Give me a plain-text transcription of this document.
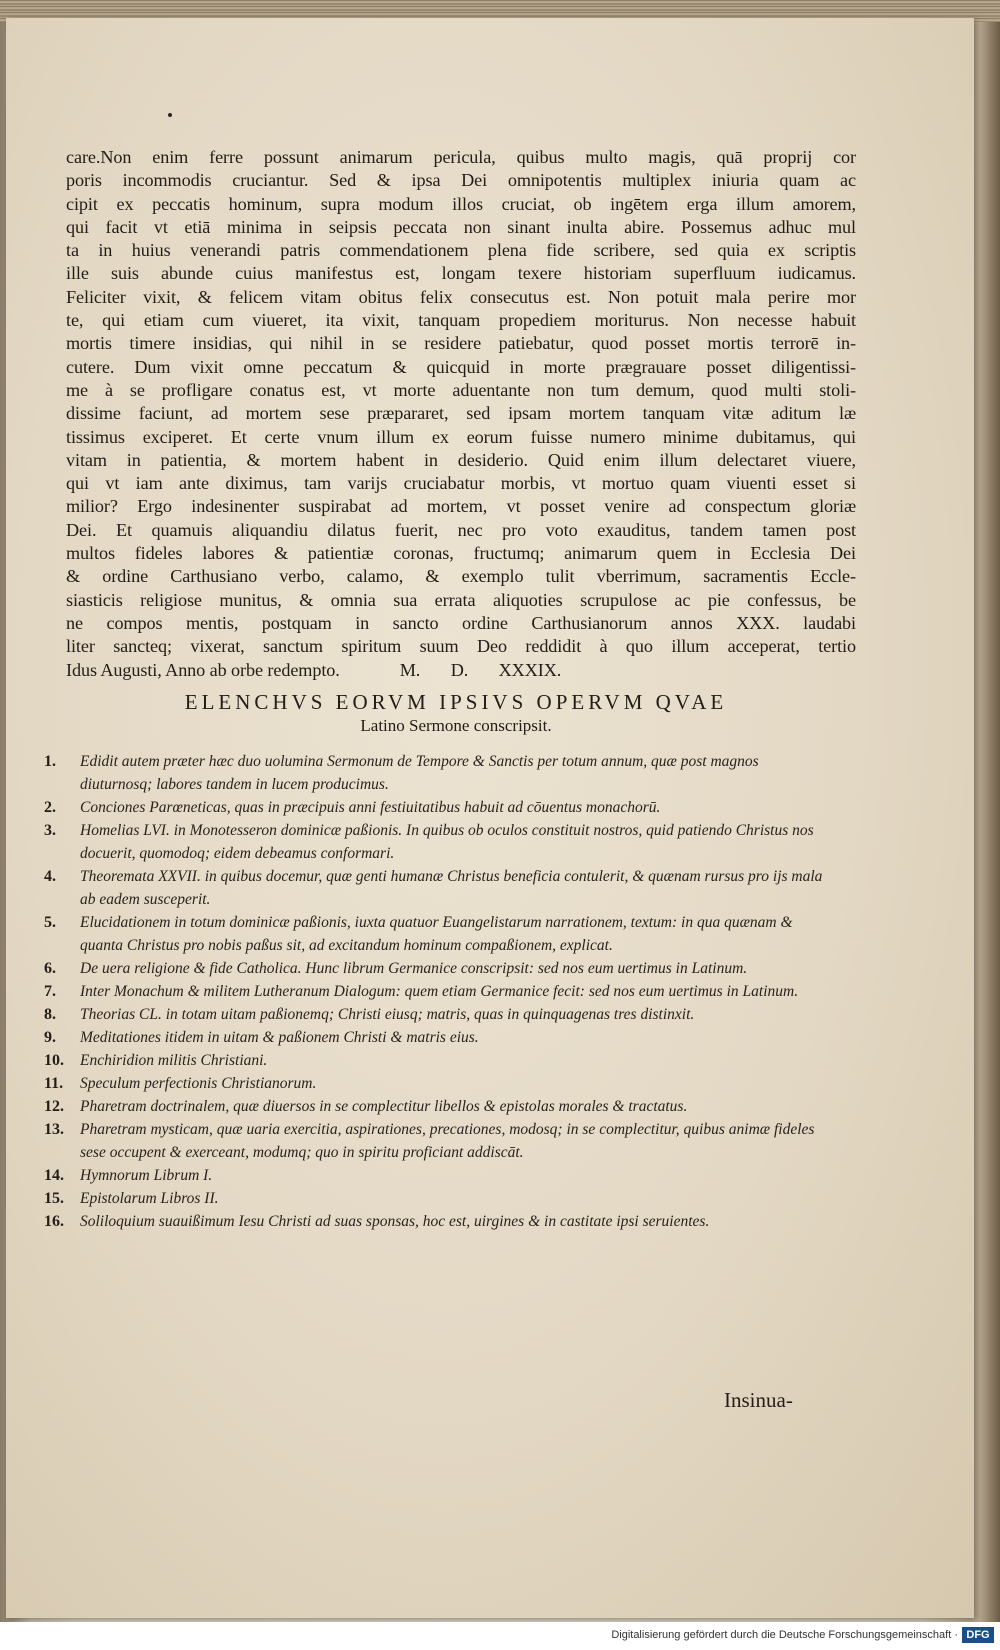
care.Non enim ferre possunt animarum pericula, quibus multo magis, quā proprij cor
poris incommodis cruciantur. Sed & ipsa Dei omnipotentis multiplex iniuria quam ac
cipit ex peccatis hominum, supra modum illos cruciat, ob ingētem erga illum amorem,
qui facit vt etiā minima in seipsis peccata non sinant inulta abire. Possemus adhuc mul
ta in huius venerandi patris commendationem plena fide scribere, sed quia ex scriptis
ille suis abunde cuius manifestus est, longam texere historiam superfluum iudicamus.
Feliciter vixit, & felicem vitam obitus felix consecutus est. Non potuit mala perire mor
te, qui etiam cum viueret, ita vixit, tanquam propediem moriturus. Non necesse habuit
mortis timere insidias, qui nihil in se residere patiebatur, quod posset mortis terrorē in-
cutere. Dum vixit omne peccatum & quicquid in morte prægrauare posset diligentissi-
me à se profligare conatus est, vt morte aduentante non tum demum, quod multi stoli-
dissime faciunt, ad mortem sese præpararet, sed ipsam mortem tanquam vitæ aditum læ
tissimus exciperet. Et certe vnum illum ex eorum fuisse numero minime dubitamus, qui
vitam in patientia, & mortem habent in desiderio. Quid enim illum delectaret viuere,
qui vt iam ante diximus, tam varijs cruciabatur morbis, vt mortuo quam viuenti esset si
milior? Ergo indesinenter suspirabat ad mortem, vt posset venire ad conspectum gloriæ
Dei. Et quamuis aliquandiu dilatus fuerit, nec pro voto exauditus, tandem tamen post
multos fideles labores & patientiæ coronas, fructumq; animarum quem in Ecclesia Dei
& ordine Carthusiano verbo, calamo, & exemplo tulit vberrimum, sacramentis Eccle-
siasticis religiose munitus, & omnia sua errata aliquoties scrupulose ac pie confessus, be
ne compos mentis, postquam in sancto ordine Carthusianorum annos XXX. laudabi
liter sancteq; vixerat, sanctum spiritum suum Deo reddidit à quo illum acceperat, tertio
Idus Augusti, Anno ab orbe redempto.	M. D. XXXIX.
ELENCHVS EORVM IPSIVS OPERVM QVAE
Latino Sermone conscripsit.
1.	Edidit autem præter hæc duo uolumina Sermonum de Tempore & Sanctis per totum annum, quæ post magnos diuturnosq; labores tandem in lucem producimus.
2.	Conciones Parœneticas, quas in præcipuis anni festiuitatibus habuit ad cōuentus monachorū.
3.	Homelias LVI. in Monotesseron dominicæ paßionis. In quibus ob oculos constituit nostros, quid patiendo Christus nos docuerit, quomodoq; eidem debeamus conformari.
4.	Theoremata XXVII. in quibus docemur, quæ genti humanæ Christus beneficia contulerit, & quænam rursus pro ijs mala ab eadem susceperit.
5.	Elucidationem in totum dominicæ paßionis, iuxta quatuor Euangelistarum narrationem, textum: in qua quænam & quanta Christus pro nobis paßus sit, ad excitandum hominum compaßionem, explicat.
6.	De uera religione & fide Catholica. Hunc librum Germanice conscripsit: sed nos eum uertimus in Latinum.
7.	Inter Monachum & militem Lutheranum Dialogum: quem etiam Germanice fecit: sed nos eum uertimus in Latinum.
8.	Theorias CL. in totam uitam paßionemq; Christi eiusq; matris, quas in quinquagenas tres distinxit.
9.	Meditationes itidem in uitam & paßionem Christi & matris eius.
10.	Enchiridion militis Christiani.
11.	Speculum perfectionis Christianorum.
12.	Pharetram doctrinalem, quæ diuersos in se complectitur libellos & epistolas morales & tractatus.
13.	Pharetram mysticam, quæ uaria exercitia, aspirationes, precationes, modosq; in se complectitur, quibus animæ fideles sese occupent & exerceant, modumq; quo in spiritu proficiant addiscāt.
14.	Hymnorum Librum I.
15.	Epistolarum Libros II.
16.	Soliloquium suauißimum Iesu Christi ad suas sponsas, hoc est, uirgines & in castitate ipsi seruientes.
Insinua-
Digitalisierung gefördert durch die Deutsche Forschungsgemeinschaft · DFG
